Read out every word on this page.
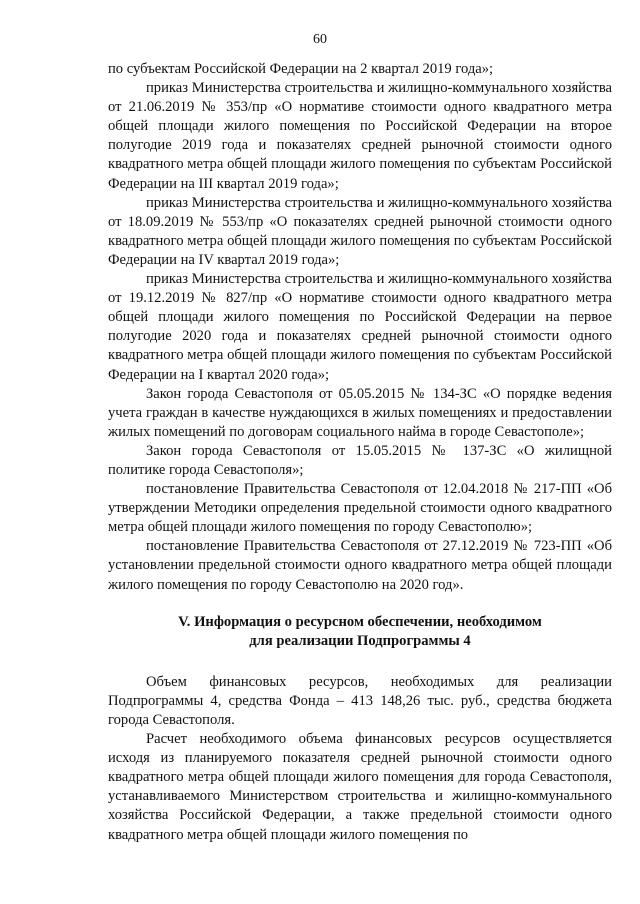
60

по субъектам Российской Федерации на 2 квартал 2019 года»;

приказ Министерства строительства и жилищно-коммунального хозяйства от 21.06.2019 № 353/пр «О нормативе стоимости одного квадратного метра общей площади жилого помещения по Российской Федерации на второе полугодие 2019 года и показателях средней рыночной стоимости одного квадратного метра общей площади жилого помещения по субъектам Российской Федерации на III квартал 2019 года»;

приказ Министерства строительства и жилищно-коммунального хозяйства от 18.09.2019 № 553/пр «О показателях средней рыночной стоимости одного квадратного метра общей площади жилого помещения по субъектам Российской Федерации на IV квартал 2019 года»;

приказ Министерства строительства и жилищно-коммунального хозяйства от 19.12.2019 № 827/пр «О нормативе стоимости одного квадратного метра общей площади жилого помещения по Российской Федерации на первое полугодие 2020 года и показателях средней рыночной стоимости одного квадратного метра общей площади жилого помещения по субъектам Российской Федерации на I квартал 2020 года»;

Закон города Севастополя от 05.05.2015 № 134-ЗС «О порядке ведения учета граждан в качестве нуждающихся в жилых помещениях и предоставлении жилых помещений по договорам социального найма в городе Севастополе»;

Закон города Севастополя от 15.05.2015 № 137-ЗС «О жилищной политике города Севастополя»;

постановление Правительства Севастополя от 12.04.2018 № 217-ПП «Об утверждении Методики определения предельной стоимости одного квадратного метра общей площади жилого помещения по городу Севастополю»;

постановление Правительства Севастополя от 27.12.2019 № 723-ПП «Об установлении предельной стоимости одного квадратного метра общей площади жилого помещения по городу Севастополю на 2020 год».

V. Информация о ресурсном обеспечении, необходимом
для реализации Подпрограммы 4

Объем финансовых ресурсов, необходимых для реализации Подпрограммы 4, средства Фонда – 413 148,26 тыс. руб., средства бюджета города Севастополя.

Расчет необходимого объема финансовых ресурсов осуществляется исходя из планируемого показателя средней рыночной стоимости одного квадратного метра общей площади жилого помещения для города Севастополя, устанавливаемого Министерством строительства и жилищно-коммунального хозяйства Российской Федерации, а также предельной стоимости одного квадратного метра общей площади жилого помещения по
